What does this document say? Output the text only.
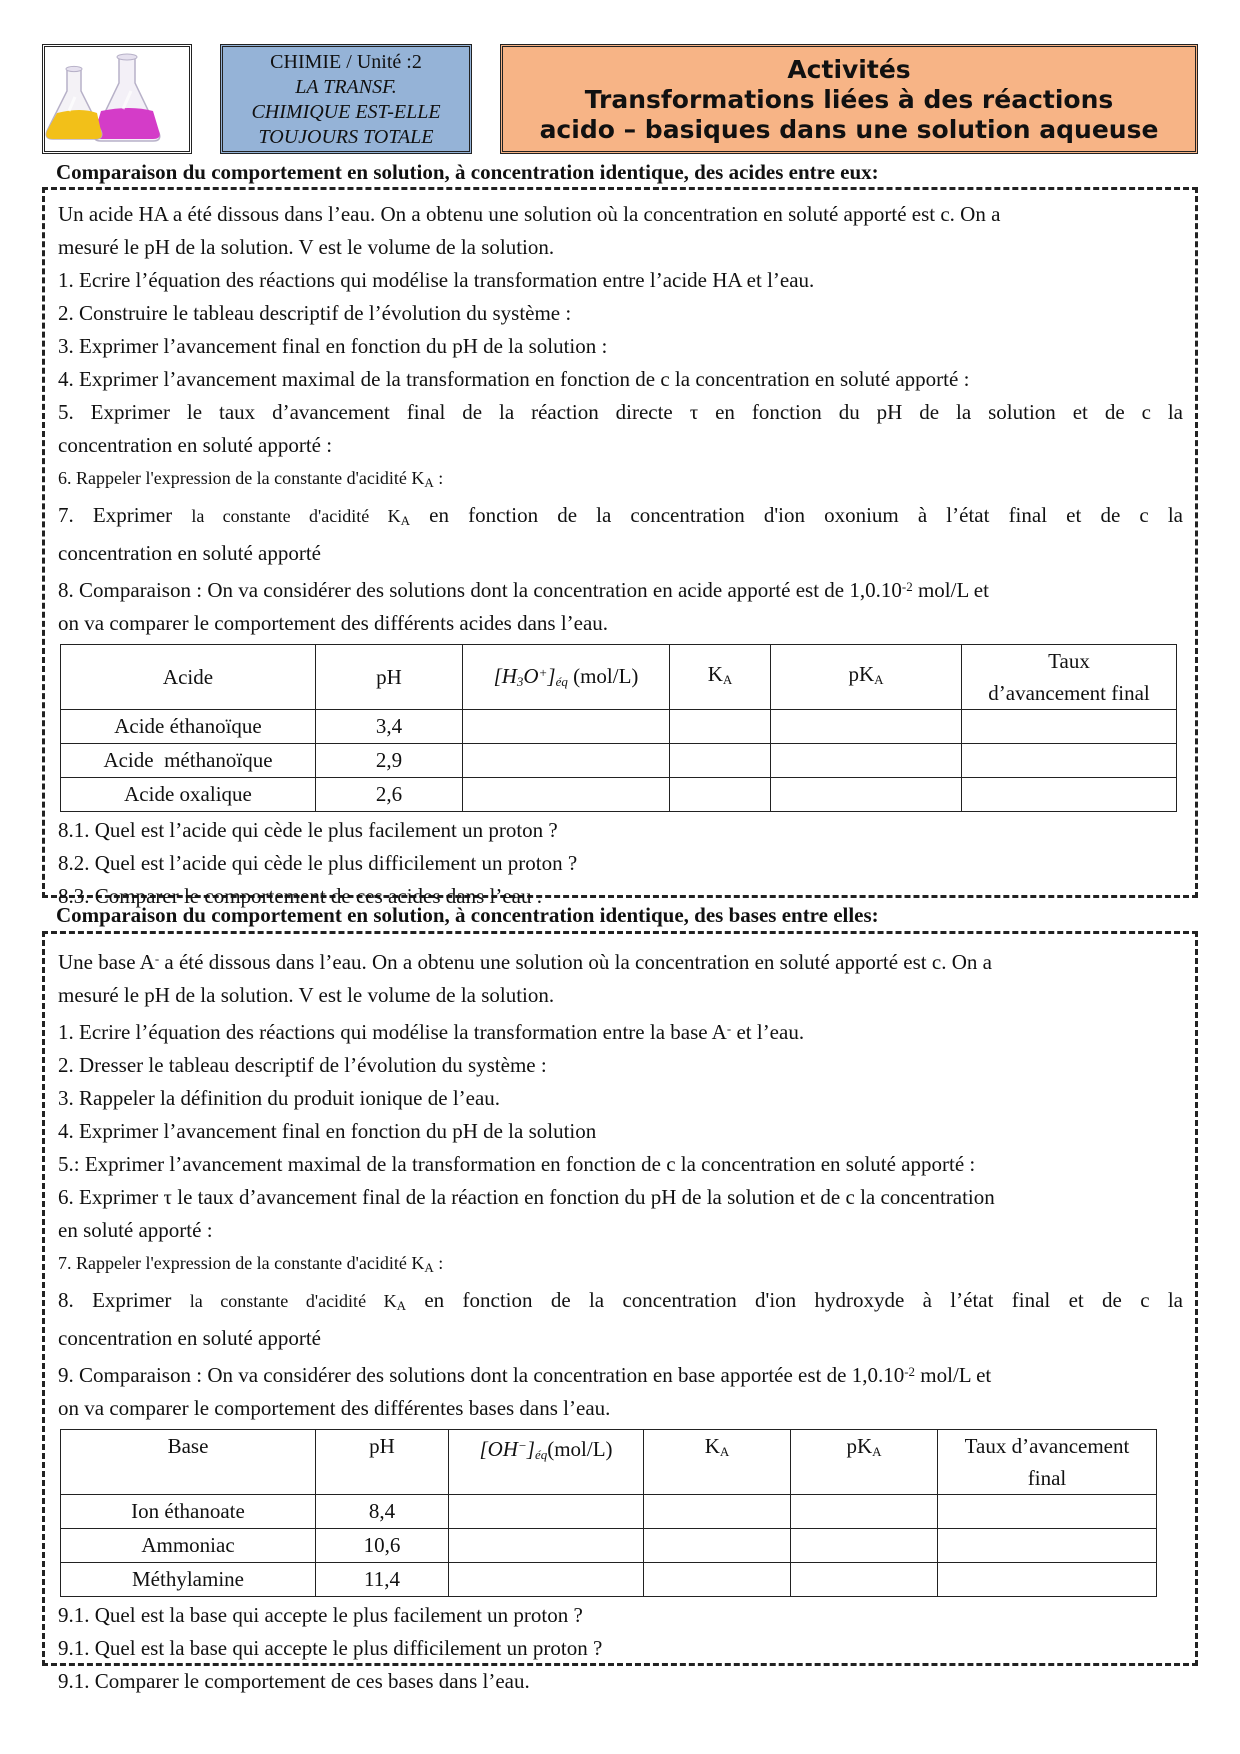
CHIMIE / Unité :2
LA TRANSF.
CHIMIQUE EST-ELLE
TOUJOURS TOTALE
Activités
Transformations liées à des réactions
acido – basiques dans une solution aqueuse
Comparaison du comportement en solution, à concentration identique, des acides entre eux:
Un acide HA a été dissous dans l’eau. On a obtenu une solution où la concentration en soluté apporté est c. On a
mesuré le pH de la solution. V est le volume de la solution.
1. Ecrire l’équation des réactions qui modélise la transformation entre l’acide HA et l’eau.
2. Construire le tableau descriptif de l’évolution du système :
3. Exprimer l’avancement final en fonction du pH de la solution :
4. Exprimer l’avancement maximal de la transformation en fonction de c la concentration en soluté apporté :
5. Exprimer le taux d’avancement final de la réaction directe τ en fonction du pH de la solution et de c la
concentration en soluté apporté :
6. Rappeler l'expression de la constante d'acidité $K_A$ :
7. Exprimer la constante d'acidité $K_A$ en fonction de la concentration d'ion oxonium à l’état final et de c la
concentration en soluté apporté
8. Comparaison : On va considérer des solutions dont la concentration en acide apporté est de $1,0.10^{-2}$ mol/L et
on va comparer le comportement des différents acides dans l’eau.
Acide	pH	$[H_3O^+]_{éq}$ (mol/L)	$K_A$	$pK_A$	Taux
d’avancement final

Acide éthanoïque	3,4				
Acide  méthanoïque	2,9				
Acide oxalique	2,6				
8.1. Quel est l’acide qui cède le plus facilement un proton ?
8.2. Quel est l’acide qui cède le plus difficilement un proton ?
8.3. Comparer le comportement de ces acides dans l’eau .
Comparaison du comportement en solution, à concentration identique, des bases entre elles:
Une base A- a été dissous dans l’eau. On a obtenu une solution où la concentration en soluté apporté est c. On a
mesuré le pH de la solution. V est le volume de la solution.
1. Ecrire l’équation des réactions qui modélise la transformation entre la base A- et l’eau.
2. Dresser le tableau descriptif de l’évolution du système :
3. Rappeler la définition du produit ionique de l’eau.
4. Exprimer l’avancement final en fonction du pH de la solution
5.: Exprimer l’avancement maximal de la transformation en fonction de c la concentration en soluté apporté :
6. Exprimer τ le taux d’avancement final de la réaction en fonction du pH de la solution et de c la concentration
en soluté apporté :
7. Rappeler l'expression de la constante d'acidité $K_A$ :
8. Exprimer la constante d'acidité $K_A$ en fonction de la concentration d'ion hydroxyde à l’état final et de c la
concentration en soluté apporté
9. Comparaison : On va considérer des solutions dont la concentration en base apportée est de $1,0.10^{-2}$ mol/L et
on va comparer le comportement des différentes bases dans l’eau.
Base	pH	$[OH^-]_{éq}(mol/L)$	$K_A$	$pK_A$	Taux d’avancement
final

Ion éthanoate	8,4				
Ammoniac	10,6				
Méthylamine	11,4				
9.1. Quel est la base qui accepte le plus facilement un proton ?
9.1. Quel est la base qui accepte le plus difficilement un proton ?
9.1. Comparer le comportement de ces bases dans l’eau.
